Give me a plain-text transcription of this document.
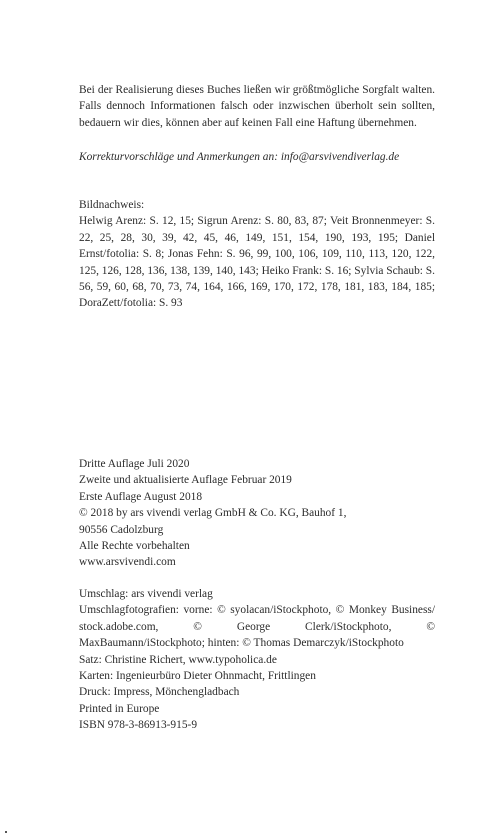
Bei der Realisierung dieses Buches ließen wir größtmögliche Sorgfalt walten. Falls dennoch Informationen falsch oder inzwischen überholt sein sollten, bedauern wir dies, können aber auf keinen Fall eine Haftung übernehmen.

Korrekturvorschläge und Anmerkungen an: info@arsvivendiverlag.de

Bildnachweis:

Helwig Arenz: S. 12, 15; Sigrun Arenz: S. 80, 83, 87; Veit Bronnenmeyer: S. 22, 25, 28, 30, 39, 42, 45, 46, 149, 151, 154, 190, 193, 195; Daniel Ernst/fotolia: S. 8; Jonas Fehn: S. 96, 99, 100, 106, 109, 110, 113, 120, 122, 125, 126, 128, 136, 138, 139, 140, 143; Heiko Frank: S. 16; Sylvia Schaub: S. 56, 59, 60, 68, 70, 73, 74, 164, 166, 169, 170, 172, 178, 181, 183, 184, 185; DoraZett/fotolia: S. 93

Dritte Auflage Juli 2020
Zweite und aktualisierte Auflage Februar 2019
Erste Auflage August 2018
© 2018 by ars vivendi verlag GmbH & Co. KG, Bauhof 1,
90556 Cadolzburg
Alle Rechte vorbehalten
www.arsvivendi.com

Umschlag: ars vivendi verlag

Umschlagfotografien: vorne: © syolacan/iStockphoto, © Monkey Business/ stock.adobe.com, © George Clerk/iStockphoto, © MaxBaumann/iStockphoto; hinten: © Thomas Demarczyk/iStockphoto

Satz: Christine Richert, www.typoholica.de

Karten: Ingenieurbüro Dieter Ohnmacht, Frittlingen

Druck: Impress, Mönchengladbach

Printed in Europe

ISBN 978-3-86913-915-9
